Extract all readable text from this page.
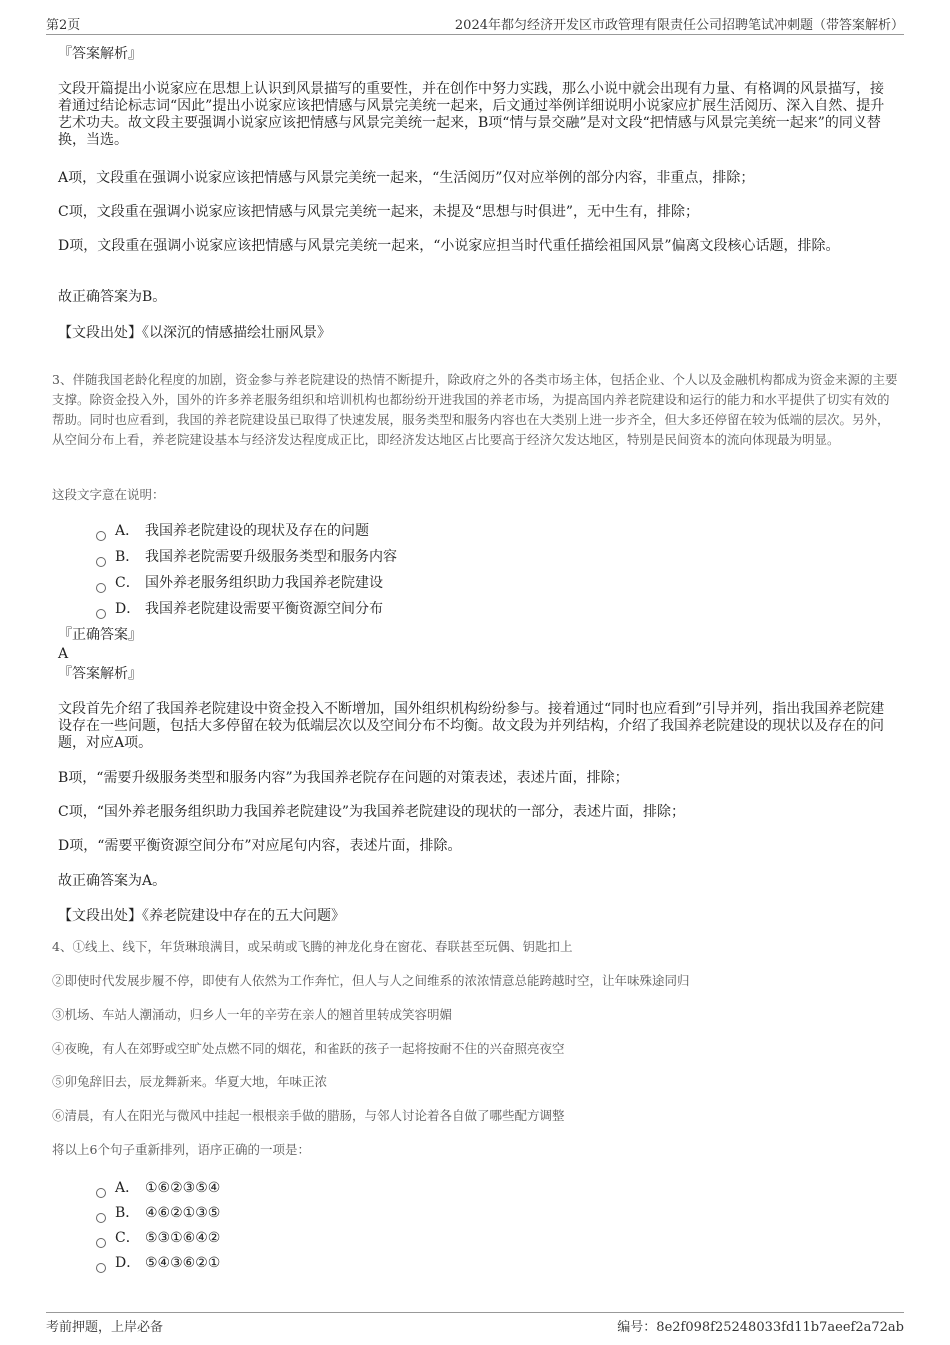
第2页	2024年都匀经济开发区市政管理有限责任公司招聘笔试冲刺题（带答案解析）
『答案解析』
文段开篇提出小说家应在思想上认识到风景描写的重要性，并在创作中努力实践，那么小说中就会出现有力量、有格调的风景描写，接着通过结论标志词“因此”提出小说家应该把情感与风景完美统一起来，后文通过举例详细说明小说家应扩展生活阅历、深入自然、提升艺术功夫。故文段主要强调小说家应该把情感与风景完美统一起来，B项“情与景交融”是对文段“把情感与风景完美统一起来”的同义替换，当选。
A项，文段重在强调小说家应该把情感与风景完美统一起来，“生活阅历”仅对应举例的部分内容，非重点，排除；
C项，文段重在强调小说家应该把情感与风景完美统一起来，未提及“思想与时俱进”，无中生有，排除；
D项，文段重在强调小说家应该把情感与风景完美统一起来，“小说家应担当时代重任描绘祖国风景”偏离文段核心话题，排除。
故正确答案为B。
【文段出处】《以深沉的情感描绘壮丽风景》
3、伴随我国老龄化程度的加剧，资金参与养老院建设的热情不断提升，除政府之外的各类市场主体，包括企业、个人以及金融机构都成为资金来源的主要支撑。除资金投入外，国外的许多养老服务组织和培训机构也都纷纷开进我国的养老市场，为提高国内养老院建设和运行的能力和水平提供了切实有效的帮助。同时也应看到，我国的养老院建设虽已取得了快速发展，服务类型和服务内容也在大类别上进一步齐全，但大多还停留在较为低端的层次。另外，从空间分布上看，养老院建设基本与经济发达程度成正比，即经济发达地区占比要高于经济欠发达地区，特别是民间资本的流向体现最为明显。
这段文字意在说明：
A． 我国养老院建设的现状及存在的问题
B． 我国养老院需要升级服务类型和服务内容
C． 国外养老服务组织助力我国养老院建设
D． 我国养老院建设需要平衡资源空间分布
『正确答案』
A
『答案解析』
文段首先介绍了我国养老院建设中资金投入不断增加，国外组织机构纷纷参与。接着通过“同时也应看到”引导并列，指出我国养老院建设存在一些问题，包括大多停留在较为低端层次以及空间分布不均衡。故文段为并列结构，介绍了我国养老院建设的现状以及存在的问题，对应A项。
B项，“需要升级服务类型和服务内容”为我国养老院存在问题的对策表述，表述片面，排除；
C项，“国外养老服务组织助力我国养老院建设”为我国养老院建设的现状的一部分，表述片面，排除；
D项，“需要平衡资源空间分布”对应尾句内容，表述片面，排除。
故正确答案为A。
【文段出处】《养老院建设中存在的五大问题》
4、①线上、线下，年货琳琅满目，或呆萌或飞腾的神龙化身在窗花、春联甚至玩偶、钥匙扣上
②即使时代发展步履不停，即使有人依然为工作奔忙，但人与人之间维系的浓浓情意总能跨越时空，让年味殊途同归
③机场、车站人潮涌动，归乡人一年的辛劳在亲人的翘首里转成笑容明媚
④夜晚，有人在郊野或空旷处点燃不同的烟花，和雀跃的孩子一起将按耐不住的兴奋照亮夜空
⑤卯兔辞旧去，辰龙舞新来。华夏大地，年味正浓
⑥清晨，有人在阳光与微风中挂起一根根亲手做的腊肠，与邻人讨论着各自做了哪些配方调整
将以上6个句子重新排列，语序正确的一项是：
A． ①⑥②③⑤④
B． ④⑥②①③⑤
C． ⑤③①⑥④②
D． ⑤④③⑥②①
考前押题，上岸必备	编号：8e2f098f25248033fd11b7aeef2a72ab
